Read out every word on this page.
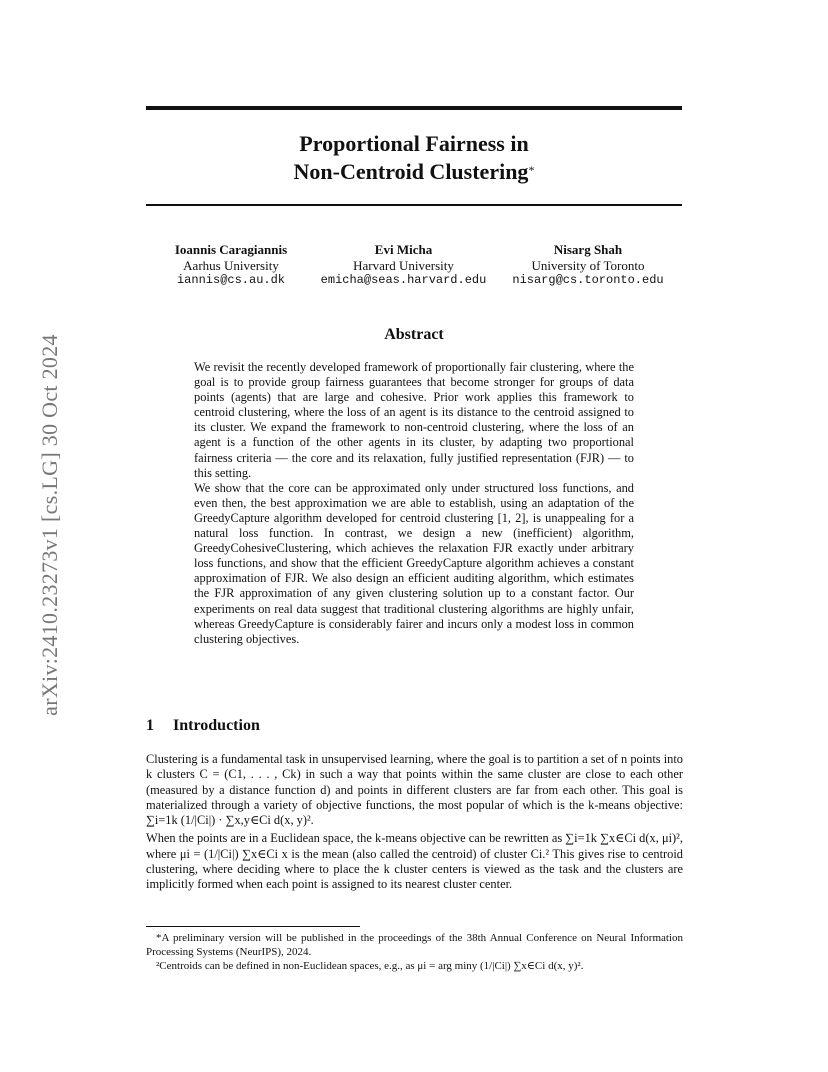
arXiv:2410.23273v1 [cs.LG] 30 Oct 2024
Proportional Fairness in
Non-Centroid Clustering*
Ioannis Caragiannis
Aarhus University
iannis@cs.au.dk
Evi Micha
Harvard University
emicha@seas.harvard.edu
Nisarg Shah
University of Toronto
nisarg@cs.toronto.edu
Abstract

We revisit the recently developed framework of proportionally fair clustering, where the goal is to provide group fairness guarantees that become stronger for groups of data points (agents) that are large and cohesive. Prior work applies this framework to centroid clustering, where the loss of an agent is its distance to the centroid assigned to its cluster. We expand the framework to non-centroid clustering, where the loss of an agent is a function of the other agents in its cluster, by adapting two proportional fairness criteria — the core and its relaxation, fully justified representation (FJR) — to this setting.

We show that the core can be approximated only under structured loss functions, and even then, the best approximation we are able to establish, using an adaptation of the GreedyCapture algorithm developed for centroid clustering [1, 2], is unappealing for a natural loss function. In contrast, we design a new (inefficient) algorithm, GreedyCohesiveClustering, which achieves the relaxation FJR exactly under arbitrary loss functions, and show that the efficient GreedyCapture algorithm achieves a constant approximation of FJR. We also design an efficient auditing algorithm, which estimates the FJR approximation of any given clustering solution up to a constant factor. Our experiments on real data suggest that traditional clustering algorithms are highly unfair, whereas GreedyCapture is considerably fairer and incurs only a modest loss in common clustering objectives.

1 Introduction

Clustering is a fundamental task in unsupervised learning, where the goal is to partition a set of n points into k clusters C = (C1, . . . , Ck) in such a way that points within the same cluster are close to each other (measured by a distance function d) and points in different clusters are far from each other. This goal is materialized through a variety of objective functions, the most popular of which is the k-means objective: ∑i=1k (1/|Ci|) · ∑x,y∈Ci d(x, y)².

When the points are in a Euclidean space, the k-means objective can be rewritten as ∑i=1k ∑x∈Ci d(x, μi)², where μi = (1/|Ci|) ∑x∈Ci x is the mean (also called the centroid) of cluster Ci.² This gives rise to centroid clustering, where deciding where to place the k cluster centers is viewed as the task and the clusters are implicitly formed when each point is assigned to its nearest cluster center.

*A preliminary version will be published in the proceedings of the 38th Annual Conference on Neural Information Processing Systems (NeurIPS), 2024.

²Centroids can be defined in non-Euclidean spaces, e.g., as μi = arg miny (1/|Ci|) ∑x∈Ci d(x, y)².
